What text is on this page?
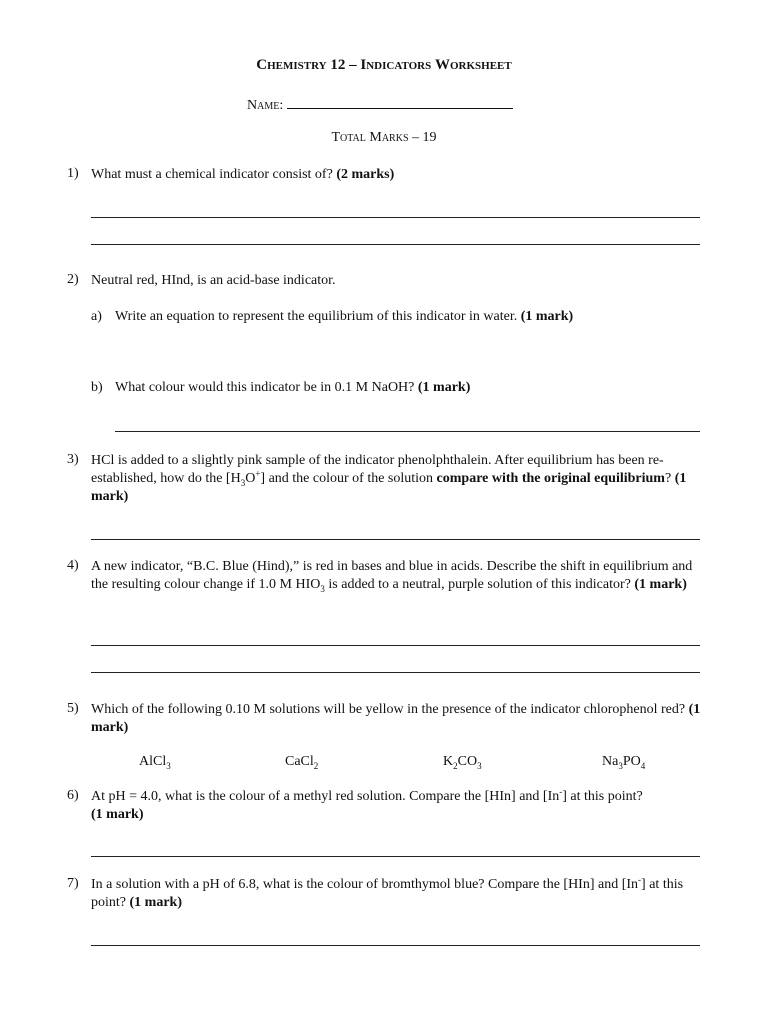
Chemistry 12 – Indicators Worksheet
Name:
Total Marks – 19
1) What must a chemical indicator consist of? (2 marks)
2) Neutral red, HInd, is an acid-base indicator.
a) Write an equation to represent the equilibrium of this indicator in water. (1 mark)
b) What colour would this indicator be in 0.1 M NaOH? (1 mark)
3) HCl is added to a slightly pink sample of the indicator phenolphthalein. After equilibrium has been re-established, how do the $[H_3O^+]$ and the colour of the solution compare with the original equilibrium? (1 mark)
4) A new indicator, “B.C. Blue (Hind),” is red in bases and blue in acids. Describe the shift in equilibrium and the resulting colour change if 1.0 M $HIO_3$ is added to a neutral, purple solution of this indicator? (1 mark)
5) Which of the following 0.10 M solutions will be yellow in the presence of the indicator chlorophenol red? (1 mark)
AlCl$_3$	CaCl$_2$	$K_2CO_3$	$Na_3PO_4$
6) At pH = 4.0, what is the colour of a methyl red solution. Compare the [HIn] and [In-] at this point?
(1 mark)
7) In a solution with a pH of 6.8, what is the colour of bromthymol blue? Compare the [HIn] and [In-] at this point? (1 mark)
